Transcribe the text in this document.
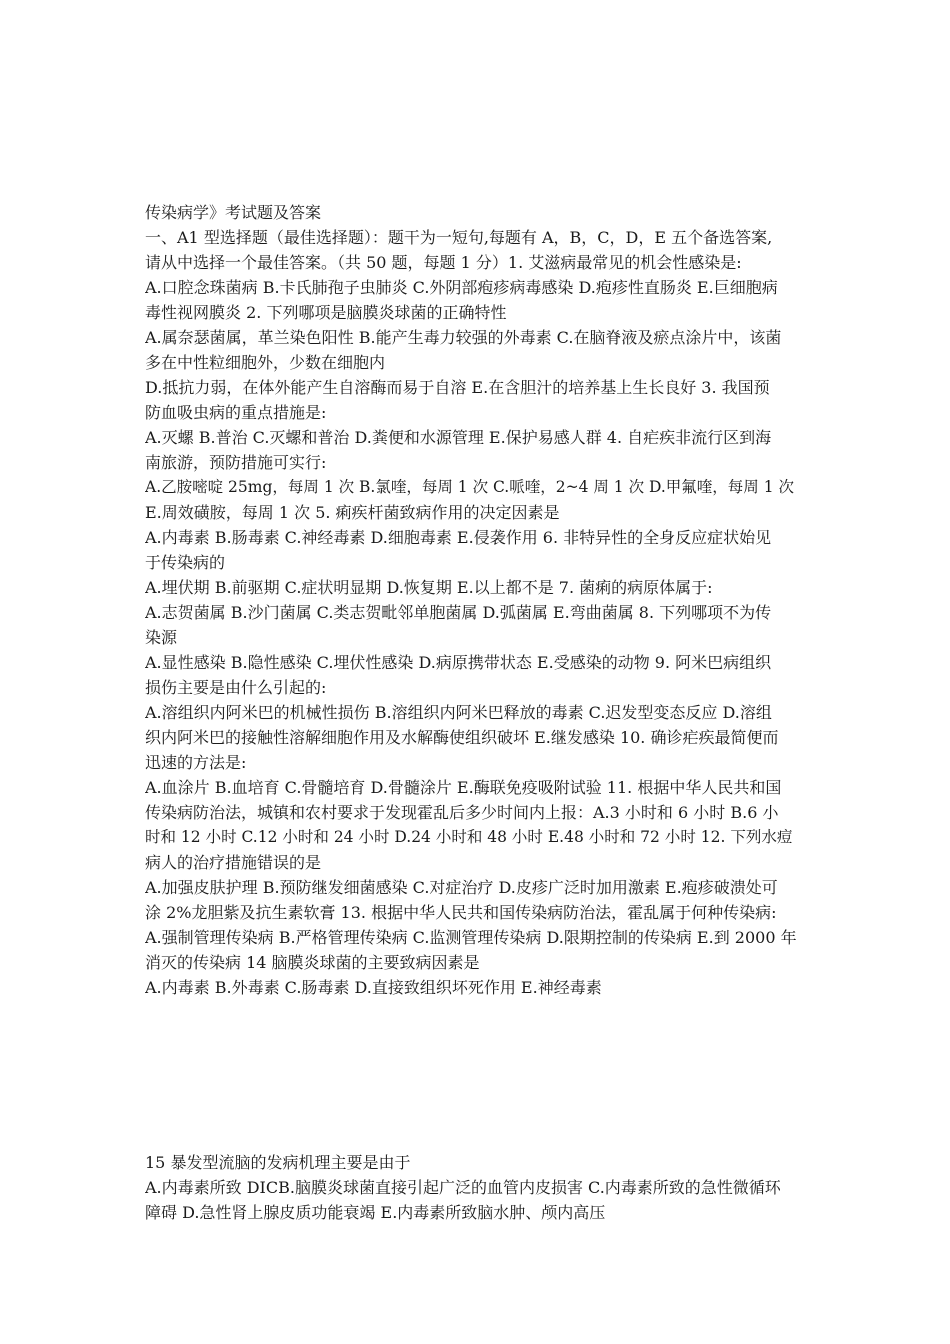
传染病学》考试题及答案
一、A1 型选择题（最佳选择题）：题干为一短句,每题有 A，B，C，D，E 五个备选答案,
请从中选择一个最佳答案。（共 50 题，每题 1 分）1. 艾滋病最常见的机会性感染是:
A.口腔念珠菌病 B.卡氏肺孢子虫肺炎 C.外阴部疱疹病毒感染 D.疱疹性直肠炎 E.巨细胞病
毒性视网膜炎 2. 下列哪项是脑膜炎球菌的正确特性
A.属奈瑟菌属，革兰染色阳性 B.能产生毒力较强的外毒素 C.在脑脊液及瘀点涂片中，该菌
多在中性粒细胞外，少数在细胞内
D.抵抗力弱，在体外能产生自溶酶而易于自溶 E.在含胆汁的培养基上生长良好 3. 我国预
防血吸虫病的重点措施是:
A.灭螺 B.普治 C.灭螺和普治 D.粪便和水源管理 E.保护易感人群 4. 自疟疾非流行区到海
南旅游，预防措施可实行:
A.乙胺嘧啶 25mg，每周 1 次 B.氯喹，每周 1 次 C.哌喹，2~4 周 1 次 D.甲氟喹，每周 1 次
E.周效磺胺，每周 1 次 5. 痢疾杆菌致病作用的决定因素是
A.内毒素 B.肠毒素 C.神经毒素 D.细胞毒素 E.侵袭作用 6. 非特异性的全身反应症状始见
于传染病的
A.埋伏期 B.前驱期 C.症状明显期 D.恢复期 E.以上都不是 7. 菌痢的病原体属于:
A.志贺菌属 B.沙门菌属 C.类志贺毗邻单胞菌属 D.弧菌属 E.弯曲菌属 8. 下列哪项不为传
染源
A.显性感染 B.隐性感染 C.埋伏性感染 D.病原携带状态 E.受感染的动物 9. 阿米巴病组织
损伤主要是由什么引起的:
A.溶组织内阿米巴的机械性损伤 B.溶组织内阿米巴释放的毒素 C.迟发型变态反应 D.溶组
织内阿米巴的接触性溶解细胞作用及水解酶使组织破坏 E.继发感染 10. 确诊疟疾最简便而
迅速的方法是:
A.血涂片 B.血培育 C.骨髓培育 D.骨髓涂片 E.酶联免疫吸附试验 11. 根据中华人民共和国
传染病防治法，城镇和农村要求于发现霍乱后多少时间内上报：A.3 小时和 6 小时 B.6 小
时和 12 小时 C.12 小时和 24 小时 D.24 小时和 48 小时 E.48 小时和 72 小时 12. 下列水痘
病人的治疗措施错误的是
A.加强皮肤护理 B.预防继发细菌感染 C.对症治疗 D.皮疹广泛时加用激素 E.疱疹破溃处可
涂 2%龙胆紫及抗生素软膏 13. 根据中华人民共和国传染病防治法，霍乱属于何种传染病:
A.强制管理传染病 B.严格管理传染病 C.监测管理传染病 D.限期控制的传染病 E.到 2000 年
消灭的传染病 14 脑膜炎球菌的主要致病因素是
A.内毒素 B.外毒素 C.肠毒素 D.直接致组织坏死作用 E.神经毒素
15 暴发型流脑的发病机理主要是由于
A.内毒素所致 DICB.脑膜炎球菌直接引起广泛的血管内皮损害 C.内毒素所致的急性微循环
障碍 D.急性肾上腺皮质功能衰竭 E.内毒素所致脑水肿、颅内高压
